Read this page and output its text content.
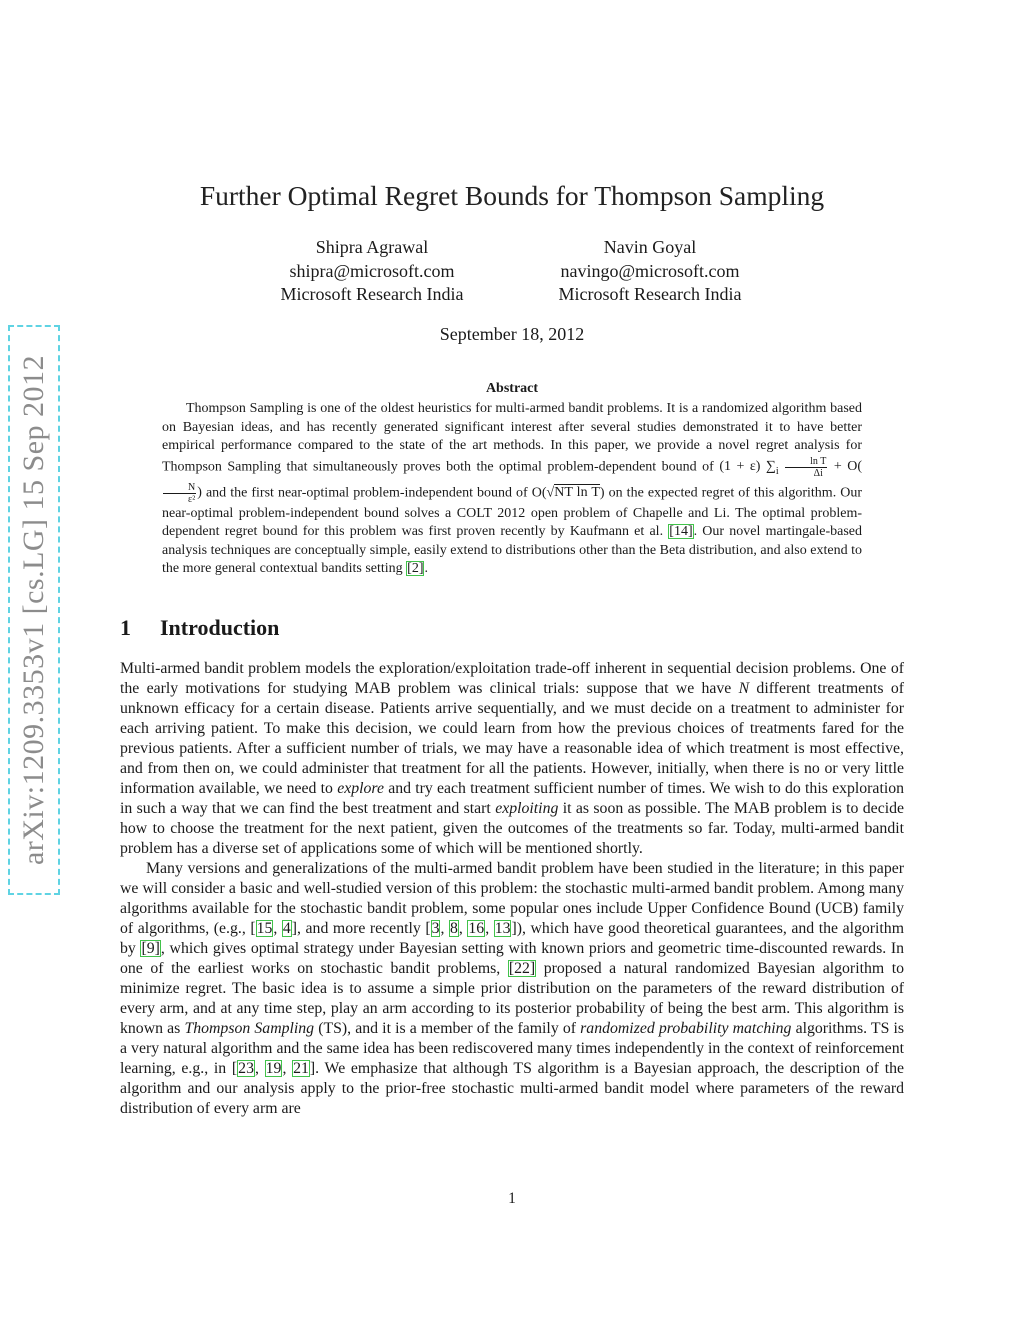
arXiv:1209.3353v1 [cs.LG] 15 Sep 2012
Further Optimal Regret Bounds for Thompson Sampling
Shipra Agrawal
shipra@microsoft.com
Microsoft Research India
Navin Goyal
navingo@microsoft.com
Microsoft Research India
September 18, 2012
Abstract

Thompson Sampling is one of the oldest heuristics for multi-armed bandit problems. It is a randomized algorithm based on Bayesian ideas, and has recently generated significant interest after several studies demonstrated it to have better empirical performance compared to the state of the art methods. In this paper, we provide a novel regret analysis for Thompson Sampling that simultaneously proves both the optimal problem-dependent bound of (1 + ε) $\sum_i \frac{\text{ln T}}{\Delta i} + O$(
$\frac{N}{\text{ε²}}$ ) and the first near-optimal problem-independent bound of O(√NT ln T) on the expected regret of this algorithm. Our near-optimal problem-independent bound solves a COLT 2012 open problem of Chapelle and Li. The optimal problem-dependent regret bound for this problem was first proven recently by Kaufmann et al. [14]. Our novel martingale-based analysis techniques are conceptually simple, easily extend to distributions other than the Beta distribution, and also extend to the more general contextual bandits setting [2].

1 Introduction

Multi-armed bandit problem models the exploration/exploitation trade-off inherent in sequential decision problems. One of the early motivations for studying MAB problem was clinical trials: suppose that we have N different treatments of unknown efficacy for a certain disease. Patients arrive sequentially, and we must decide on a treatment to administer for each arriving patient. To make this decision, we could learn from how the previous choices of treatments fared for the previous patients. After a sufficient number of trials, we may have a reasonable idea of which treatment is most effective, and from then on, we could administer that treatment for all the patients. However, initially, when there is no or very little information available, we need to explore and try each treatment sufficient number of times. We wish to do this exploration in such a way that we can find the best treatment and start exploiting it as soon as possible. The MAB problem is to decide how to choose the treatment for the next patient, given the outcomes of the treatments so far. Today, multi-armed bandit problem has a diverse set of applications some of which will be mentioned shortly.

Many versions and generalizations of the multi-armed bandit problem have been studied in the literature; in this paper we will consider a basic and well-studied version of this problem: the stochastic multi-armed bandit problem. Among many algorithms available for the stochastic bandit problem, some popular ones include Upper Confidence Bound (UCB) family of algorithms, (e.g., [15, 4], and more recently [3, 8, 16, 13]), which have good theoretical guarantees, and the algorithm by [9], which gives optimal strategy under Bayesian setting with known priors and geometric time-discounted rewards. In one of the earliest works on stochastic bandit problems, [22] proposed a natural randomized Bayesian algorithm to minimize regret. The basic idea is to assume a simple prior distribution on the parameters of the reward distribution of every arm, and at any time step, play an arm according to its posterior probability of being the best arm. This algorithm is known as Thompson Sampling (TS), and it is a member of the family of randomized probability matching algorithms. TS is a very natural algorithm and the same idea has been rediscovered many times independently in the context of reinforcement learning, e.g., in [23, 19, 21]. We emphasize that although TS algorithm is a Bayesian approach, the description of the algorithm and our analysis apply to the prior-free stochastic multi-armed bandit model where parameters of the reward distribution of every arm are

1
